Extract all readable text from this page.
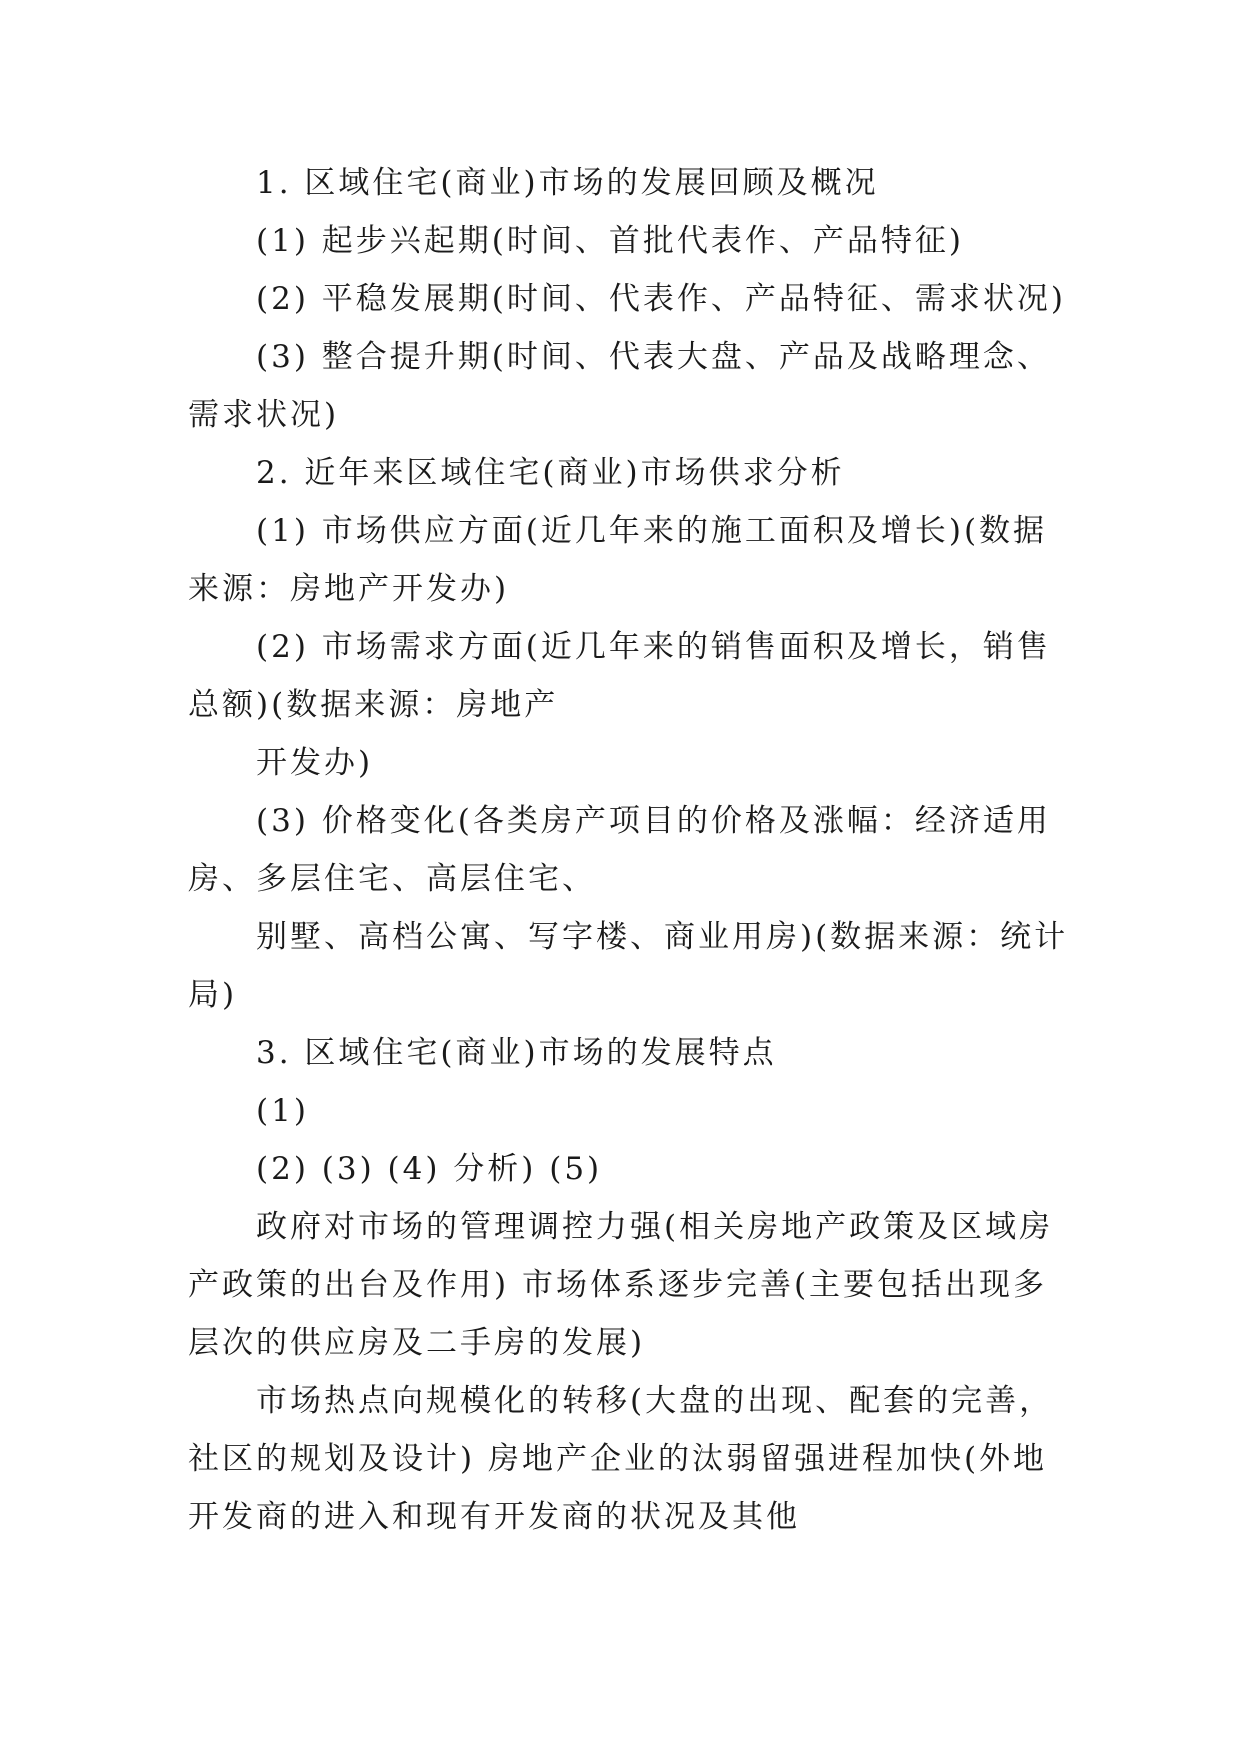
1. 区域住宅(商业)市场的发展回顾及概况
(1) 起步兴起期(时间、首批代表作、产品特征)
(2) 平稳发展期(时间、代表作、产品特征、需求状况)
(3) 整合提升期(时间、代表大盘、产品及战略理念、
需求状况)
2. 近年来区域住宅(商业)市场供求分析
(1) 市场供应方面(近几年来的施工面积及增长)(数据
来源：房地产开发办)
(2) 市场需求方面(近几年来的销售面积及增长，销售
总额)(数据来源：房地产
开发办)
(3) 价格变化(各类房产项目的价格及涨幅：经济适用
房、多层住宅、高层住宅、
别墅、高档公寓、写字楼、商业用房)(数据来源：统计
局)
3. 区域住宅(商业)市场的发展特点
(1)
(2) (3) (4) 分析) (5)
政府对市场的管理调控力强(相关房地产政策及区域房
产政策的出台及作用) 市场体系逐步完善(主要包括出现多
层次的供应房及二手房的发展)
市场热点向规模化的转移(大盘的出现、配套的完善，
社区的规划及设计) 房地产企业的汰弱留强进程加快(外地
开发商的进入和现有开发商的状况及其他
